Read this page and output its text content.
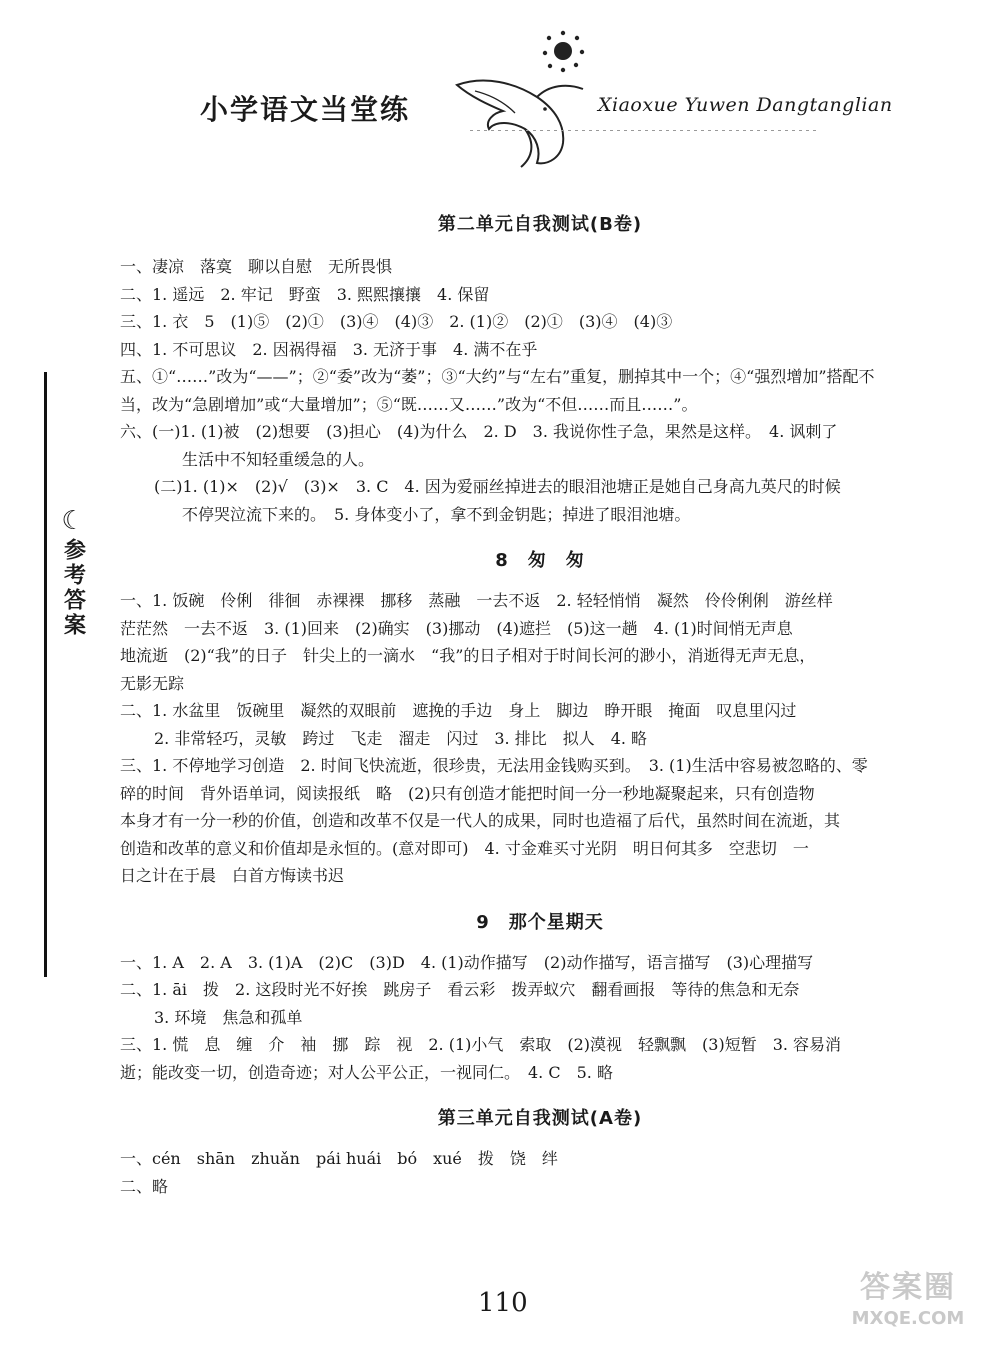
小学语文当堂练	Xiaoxue Yuwen Dangtanglian
☾
参考答案

第二单元自我测试(B卷)

一、凄凉　落寞　聊以自慰　无所畏惧

二、1. 遥远　2. 牢记　野蛮　3. 熙熙攘攘　4. 保留

三、1. 衣　5　(1)⑤　(2)①　(3)④　(4)③　2. (1)②　(2)①　(3)④　(4)③

四、1. 不可思议　2. 因祸得福　3. 无济于事　4. 满不在乎

五、①“……”改为“——”；②“委”改为“萎”；③“大约”与“左右”重复，删掉其中一个；④“强烈增加”搭配不

当，改为“急剧增加”或“大量增加”；⑤“既……又……”改为“不但……而且……”。

六、(一)1. (1)被　(2)想要　(3)担心　(4)为什么　2. D　3. 我说你性子急，果然是这样。　4. 讽刺了

生活中不知轻重缓急的人。

(二)1. (1)×　(2)√　(3)×　3. C　4. 因为爱丽丝掉进去的眼泪池塘正是她自己身高九英尺的时候

不停哭泣流下来的。　5. 身体变小了，拿不到金钥匙；掉进了眼泪池塘。

8　匆　匆

一、1. 饭碗　伶俐　徘徊　赤裸裸　挪移　蒸融　一去不返　2. 轻轻悄悄　凝然　伶伶俐俐　游丝样

茫茫然　一去不返　3. (1)回来　(2)确实　(3)挪动　(4)遮拦　(5)这一趟　4. (1)时间悄无声息

地流逝　(2)“我”的日子　针尖上的一滴水　“我”的日子相对于时间长河的渺小，消逝得无声无息，

无影无踪

二、1. 水盆里　饭碗里　凝然的双眼前　遮挽的手边　身上　脚边　睁开眼　掩面　叹息里闪过

2. 非常轻巧，灵敏　跨过　飞走　溜走　闪过　3. 排比　拟人　4. 略

三、1. 不停地学习创造　2. 时间飞快流逝，很珍贵，无法用金钱购买到。　3. (1)生活中容易被忽略的、零

碎的时间　背外语单词，阅读报纸　略　(2)只有创造才能把时间一分一秒地凝聚起来，只有创造物

本身才有一分一秒的价值，创造和改革不仅是一代人的成果，同时也造福了后代，虽然时间在流逝，其

创造和改革的意义和价值却是永恒的。(意对即可)　4. 寸金难买寸光阴　明日何其多　空悲切　一

日之计在于晨　白首方悔读书迟

9　那个星期天

一、1. A　2. A　3. (1)A　(2)C　(3)D　4. (1)动作描写　(2)动作描写，语言描写　(3)心理描写

二、1. āi　拨　2. 这段时光不好挨　跳房子　看云彩　拨弄蚁穴　翻看画报　等待的焦急和无奈

3. 环境　焦急和孤单

三、1. 慌　息　缠　介　袖　挪　踪　视　2. (1)小气　索取　(2)漠视　轻飘飘　(3)短暂　3. 容易消

逝；能改变一切，创造奇迹；对人公平公正，一视同仁。　4. C　5. 略

第三单元自我测试(A卷)

一、cén　shān　zhuǎn　pái huái　bó　xué　拨　饶　绊

二、略

110	答案圈
MXQE.COM
